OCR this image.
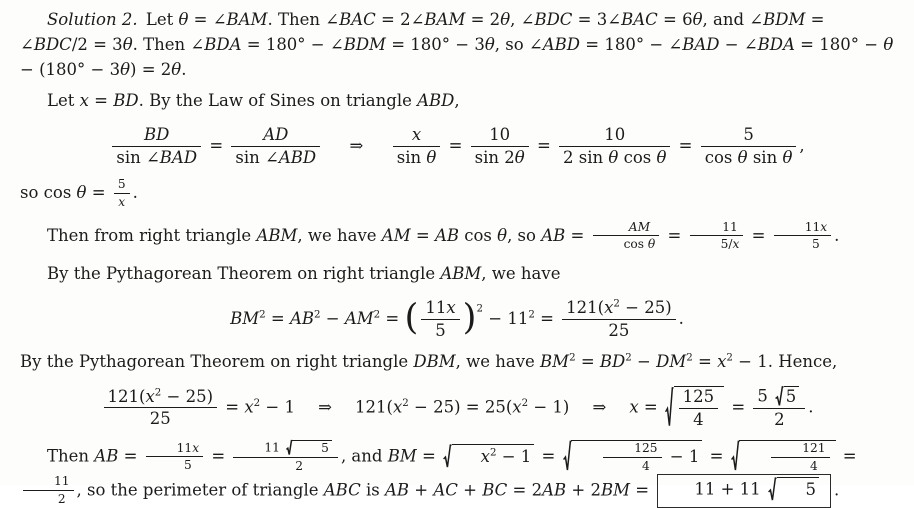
Solution 2. Let θ = ∠BAM. Then ∠BAC = 2∠BAM = 2θ, ∠BDC = 3∠BAC = 6θ, and ∠BDM = ∠BDC/2 = 3θ. Then ∠BDA = 180° − ∠BDM = 180° − 3θ, so ∠ABD = 180° − ∠BAD − ∠BDA = 180° − θ − (180° − 3θ) = 2θ.

Let x = BD. By the Law of Sines on triangle ABD,

$\frac{BD}{\text{sin ∠BAD}} = \frac{AD}{\text{sin ∠ABD}}$ ⇒ $\frac{x}{\text{sin θ}} = \frac{10}{\sin 2\theta} = \frac{10}{\text{2 sin θ cos θ}} = \frac{5}{\text{cos θ sin θ}}$ ,

so $\cos \theta = \frac{5}{x}$ .

Then from right triangle ABM, we have AM = AB cos θ, so AB = $\frac{AM}{\text{cos θ}} = \frac{11}{5/x} = \frac{11x}{5}$ .

By the Pythagorean Theorem on right triangle ABM, we have

$BM^2 = AB^2 - AM^2$ = ( $\frac{11x}{5} )^2 - 11^2 = \frac{121(x^2 - 25)}{25}$ .

By the Pythagorean Theorem on right triangle DBM, we have $BM^2 = BD^2 - DM^2 = x^2 - 1$. Hence,

$\frac{121(x^2 - 25)}{25} = x^2 - 1$ ⇒ $121(x^2 - 25) = 25(x^2 - 1)$ ⇒ $x = \frac{125}{4} = \frac{5 5}{2}$ .

Then AB = $\frac{11x}{5} = 11$	5
2 , and BM =	$x^2 - 1$ =	$\frac{125}{4} - 1$ =	$\frac{121}{4}$ =
$\frac{11}{2}$ , so the perimeter of triangle ABC is AB + AC + BC = 2AB + 2BM = 11 + 11	5 .
